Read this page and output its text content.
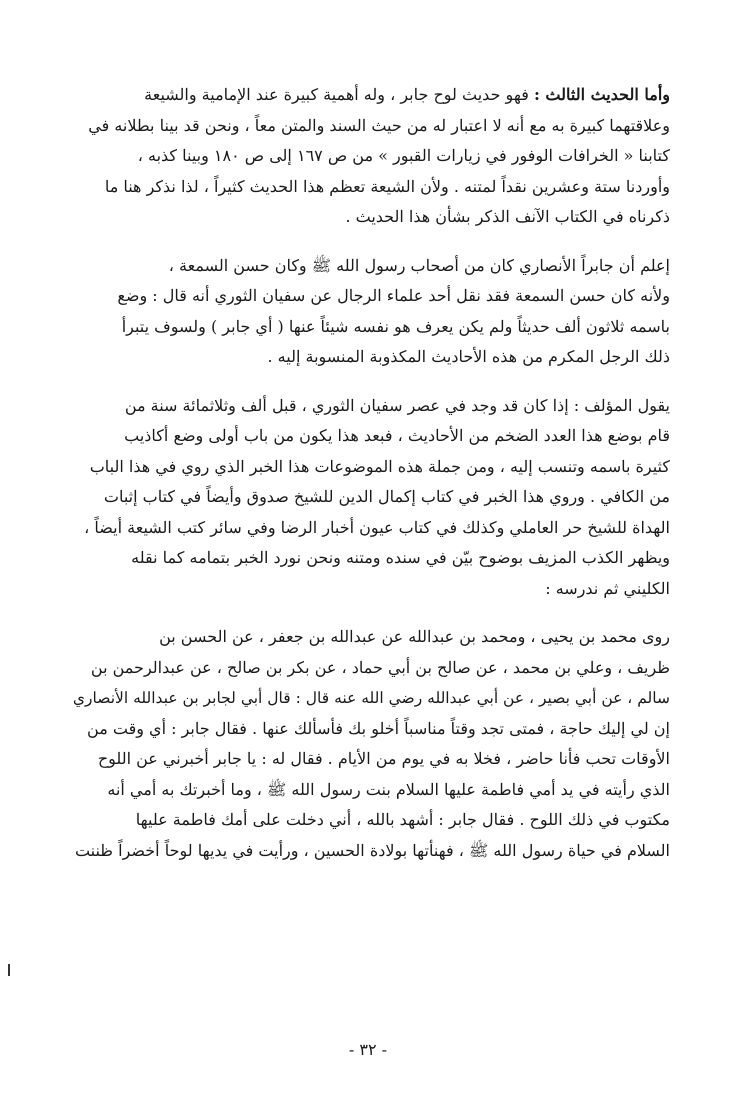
وأما الحديث الثالث : فهو حديث لوح جابر ، وله أهمية كبيرة عند الإمامية والشيعة
وعلاقتهما كبيرة به مع أنه لا اعتبار له من حيث السند والمتن معاً ، ونحن قد بينا بطلانه في
كتابنا « الخرافات الوفور في زيارات القبور » من ص ١٦٧ إلى ص ١٨٠ وبينا كذبه ،
وأوردنا ستة وعشرين نقداً لمتنه . ولأن الشيعة تعظم هذا الحديث كثيراً ، لذا نذكر هنا ما
ذكرناه في الكتاب الآنف الذكر بشأن هذا الحديث .
إعلم أن جابراً الأنصاري كان من أصحاب رسول الله ﷺ وكان حسن السمعة ،
ولأنه كان حسن السمعة فقد نقل أحد علماء الرجال عن سفيان الثوري أنه قال : وضع
باسمه ثلاثون ألف حديثاً ولم يكن يعرف هو نفسه شيئاً عنها ( أي جابر ) ولسوف يتبرأ
ذلك الرجل المكرم من هذه الأحاديث المكذوبة المنسوبة إليه .
يقول المؤلف : إذا كان قد وجد في عصر سفيان الثوري ، قبل ألف وثلاثمائة سنة من
قام بوضع هذا العدد الضخم من الأحاديث ، فبعد هذا يكون من باب أولى وضع أكاذيب
كثيرة باسمه وتنسب إليه ، ومن جملة هذه الموضوعات هذا الخبر الذي روي في هذا الباب
من الكافي . وروي هذا الخبر في كتاب إكمال الدين للشيخ صدوق وأيضاً في كتاب إثبات
الهداة للشيخ حر العاملي وكذلك في كتاب عيون أخبار الرضا وفي سائر كتب الشيعة أيضاً ،
ويظهر الكذب المزيف بوضوح بيّن في سنده ومتنه ونحن نورد الخبر بتمامه كما نقله
الكليني ثم ندرسه :
روى محمد بن يحيى ، ومحمد بن عبدالله عن عبدالله بن جعفر ، عن الحسن بن
ظريف ، وعلي بن محمد ، عن صالح بن أبي حماد ، عن بكر بن صالح ، عن عبدالرحمن بن
سالم ، عن أبي بصير ، عن أبي عبدالله رضي الله عنه قال : قال أبي لجابر بن عبدالله الأنصاري
إن لي إليك حاجة ، فمتى تجد وقتاً مناسباً أخلو بك فأسألك عنها . فقال جابر : أي وقت من
الأوقات تحب فأنا حاضر ، فخلا به في يوم من الأيام . فقال له : يا جابر أخبرني عن اللوح
الذي رأيته في يد أمي فاطمة عليها السلام بنت رسول الله ﷺ ، وما أخبرتك به أمي أنه
مكتوب في ذلك اللوح . فقال جابر : أشهد بالله ، أني دخلت على أمك فاطمة عليها
السلام في حياة رسول الله ﷺ ، فهنأتها بولادة الحسين ، ورأيت في يديها لوحاً أخضراً ظننت
- ٣٢ -
